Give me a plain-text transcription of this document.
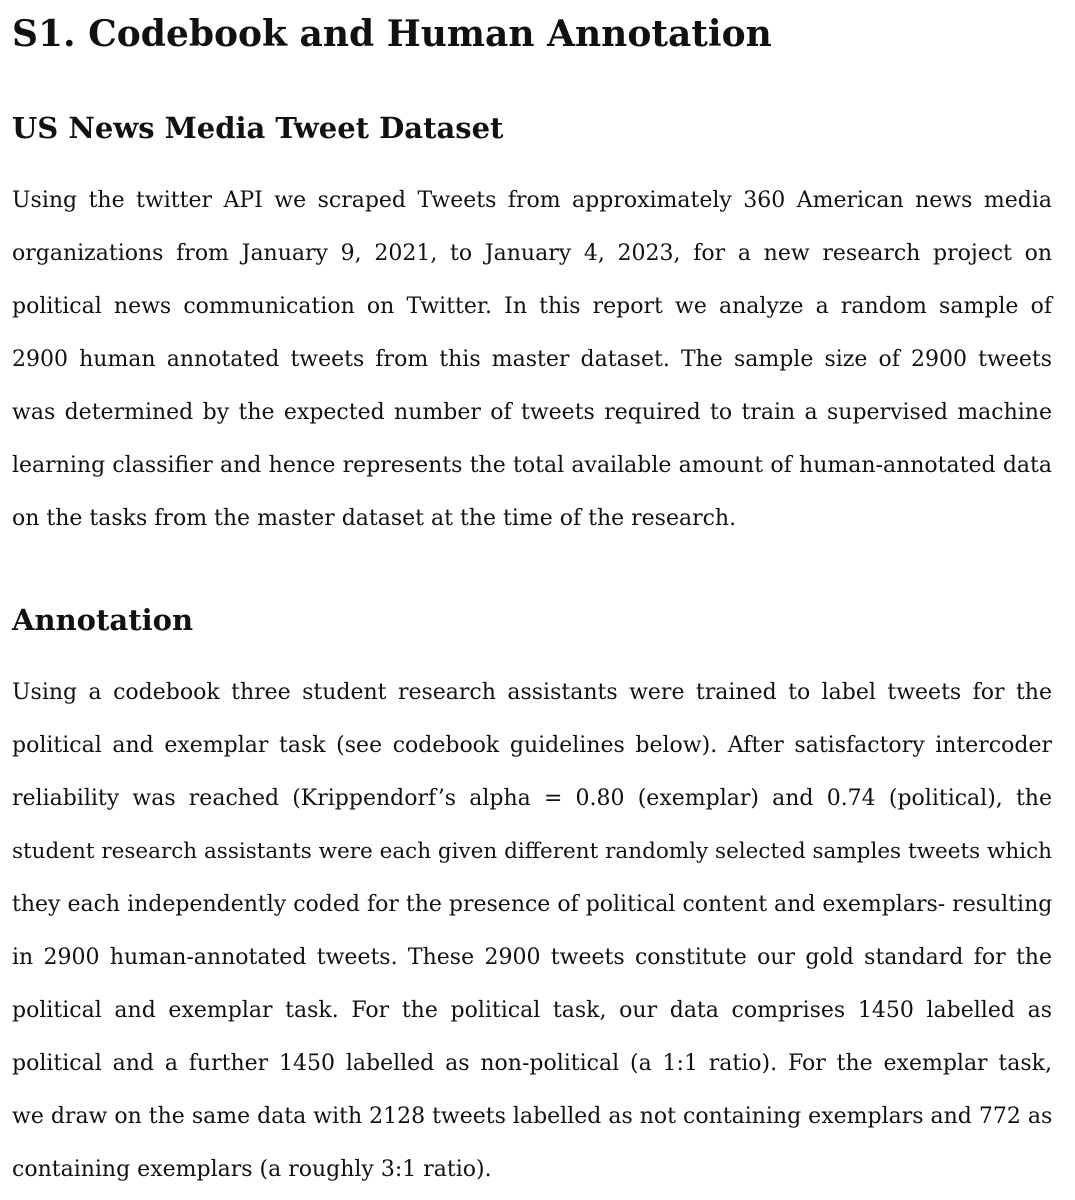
S1. Codebook and Human Annotation
US News Media Tweet Dataset
Using the twitter API we scraped Tweets from approximately 360 American news media
organizations from January 9, 2021, to January 4, 2023, for a new research project on
political news communication on Twitter. In this report we analyze a random sample of
2900 human annotated tweets from this master dataset. The sample size of 2900 tweets
was determined by the expected number of tweets required to train a supervised machine
learning classifier and hence represents the total available amount of human-annotated data
on the tasks from the master dataset at the time of the research.
Annotation
Using a codebook three student research assistants were trained to label tweets for the
political and exemplar task (see codebook guidelines below). After satisfactory intercoder
reliability was reached (Krippendorf’s alpha = 0.80 (exemplar) and 0.74 (political), the
student research assistants were each given different randomly selected samples tweets which
they each independently coded for the presence of political content and exemplars- resulting
in 2900 human-annotated tweets. These 2900 tweets constitute our gold standard for the
political and exemplar task. For the political task, our data comprises 1450 labelled as
political and a further 1450 labelled as non-political (a 1:1 ratio). For the exemplar task,
we draw on the same data with 2128 tweets labelled as not containing exemplars and 772 as
containing exemplars (a roughly 3:1 ratio).
